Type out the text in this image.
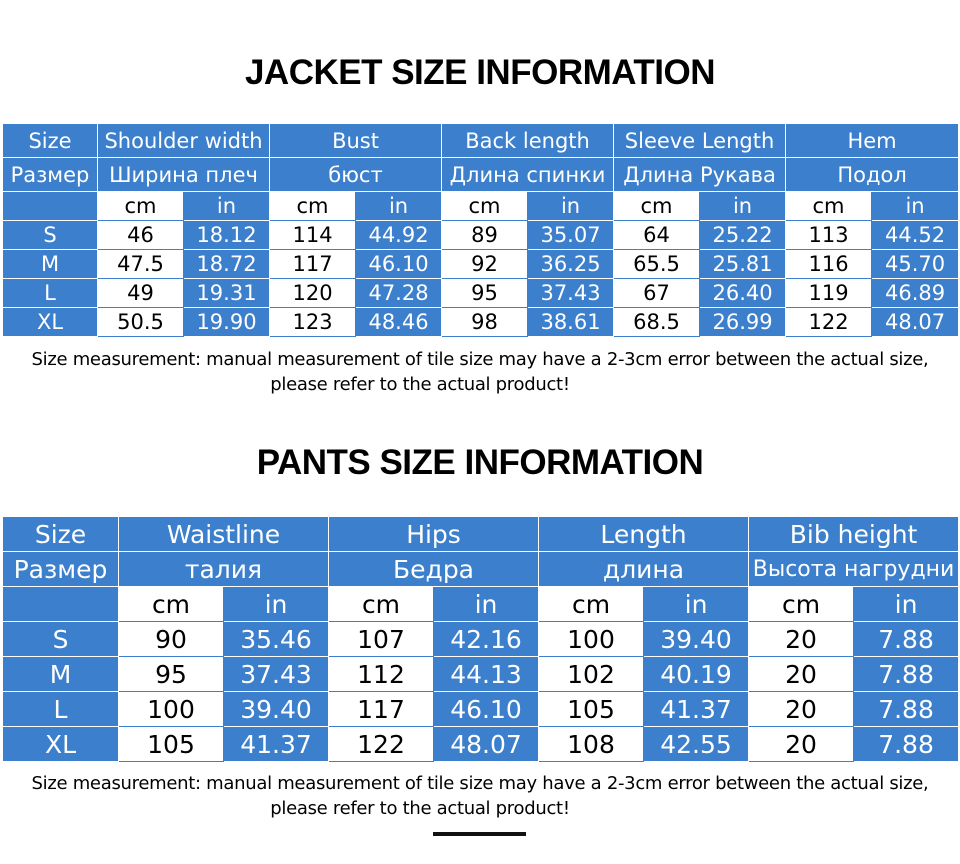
JACKET SIZE INFORMATION
Size	Shoulder width		Bust		Back length		Sleeve Length		Hem	
Размер	Ширина плеч		бюст		Длина спинки		Длина Рукава		Подол	
	cm	in	cm	in	cm	in	cm	in	cm	in
S	46	18.12	114	44.92	89	35.07	64	25.22	113	44.52
M	47.5	18.72	117	46.10	92	36.25	65.5	25.81	116	45.70
L	49	19.31	120	47.28	95	37.43	67	26.40	119	46.89
XL	50.5	19.90	123	48.46	98	38.61	68.5	26.99	122	48.07
Size measurement: manual measurement of tile size may have a 2-3cm error between the actual size,
please refer to the actual product!
PANTS SIZE INFORMATION
Size	Waistline		Hips		Length		Bib height	
Размер	талия		Бедра		длина		Высота нагрудни	
	cm	in	cm	in	cm	in	cm	in
S	90	35.46	107	42.16	100	39.40	20	7.88
M	95	37.43	112	44.13	102	40.19	20	7.88
L	100	39.40	117	46.10	105	41.37	20	7.88
XL	105	41.37	122	48.07	108	42.55	20	7.88
Size measurement: manual measurement of tile size may have a 2-3cm error between the actual size,
please refer to the actual product!
